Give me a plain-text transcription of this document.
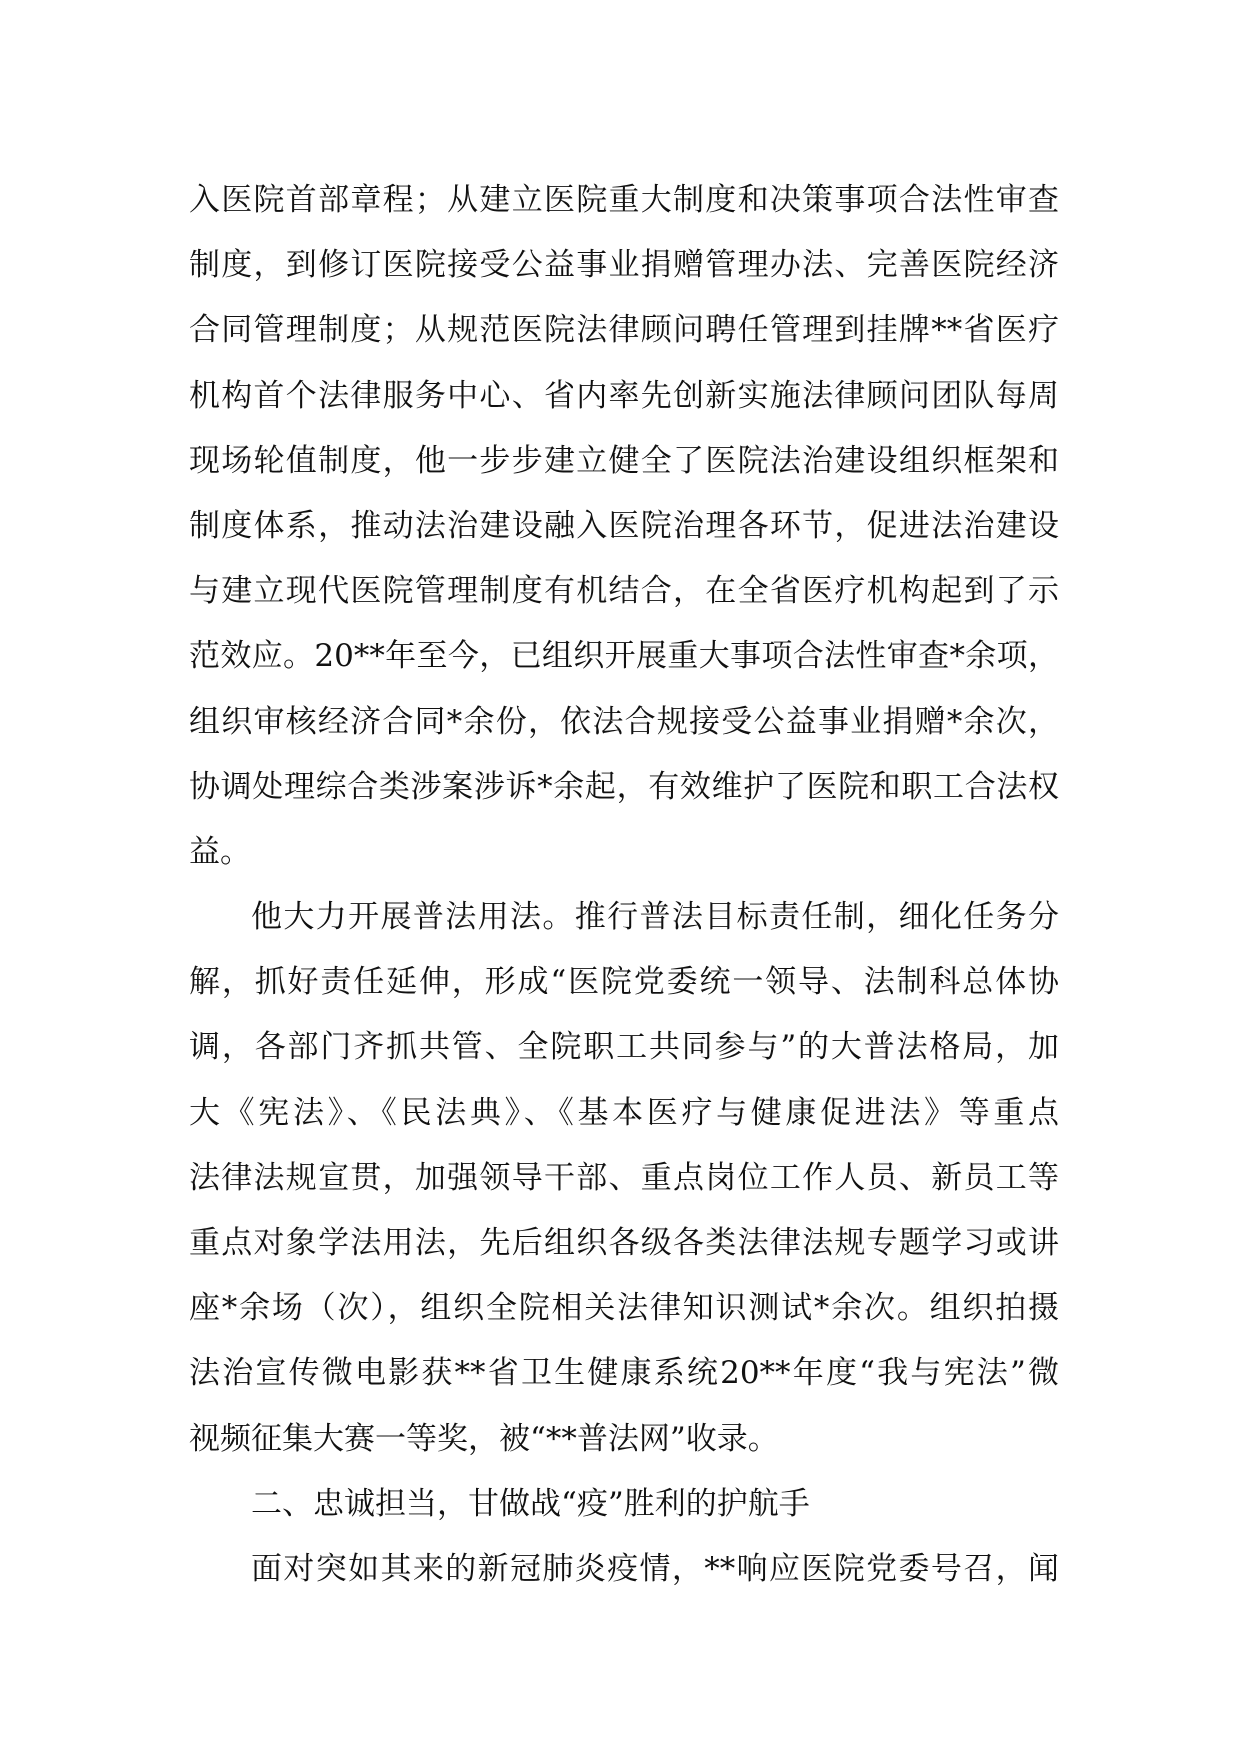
入医院首部章程；从建立医院重大制度和决策事项合法性审查
制度，到修订医院接受公益事业捐赠管理办法、完善医院经济
合同管理制度；从规范医院法律顾问聘任管理到挂牌**省医疗
机构首个法律服务中心、省内率先创新实施法律顾问团队每周
现场轮值制度，他一步步建立健全了医院法治建设组织框架和
制度体系，推动法治建设融入医院治理各环节，促进法治建设
与建立现代医院管理制度有机结合，在全省医疗机构起到了示
范效应。20**年至今，已组织开展重大事项合法性审查*余项，
组织审核经济合同*余份，依法合规接受公益事业捐赠*余次，
协调处理综合类涉案涉诉*余起，有效维护了医院和职工合法权
益。
他大力开展普法用法。推行普法目标责任制，细化任务分
解，抓好责任延伸，形成“医院党委统一领导、法制科总体协
调，各部门齐抓共管、全院职工共同参与”的大普法格局，加
大《宪法》、《民法典》、《基本医疗与健康促进法》等重点
法律法规宣贯，加强领导干部、重点岗位工作人员、新员工等
重点对象学法用法，先后组织各级各类法律法规专题学习或讲
座*余场（次），组织全院相关法律知识测试*余次。组织拍摄
法治宣传微电影获**省卫生健康系统20**年度“我与宪法”微
视频征集大赛一等奖，被“**普法网”收录。
二、忠诚担当，甘做战“疫”胜利的护航手
面对突如其来的新冠肺炎疫情，**响应医院党委号召，闻
